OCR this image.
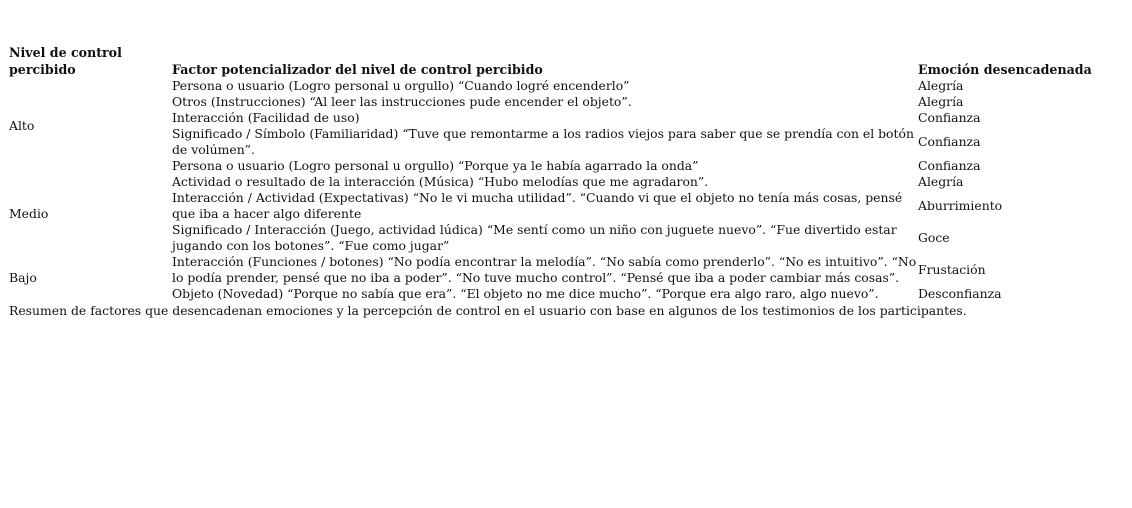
Nivel de control percibido	Factor potencializador del nivel de control percibido	Emoción desencadenada
Alto	Persona o usuario (Logro personal u orgullo) “Cuando logré encenderlo”	Alegría
	Otros (Instrucciones) “Al leer las instrucciones pude encender el objeto”.	Alegría
	Interacción (Facilidad de uso)	Confianza
	Significado / Símbolo (Familiaridad) “Tuve que remontarme a los radios viejos para saber que se prendía con el botón de volúmen”.	Confianza
	Persona o usuario (Logro personal u orgullo) “Porque ya le había agarrado la onda”	Confianza
Medio	Actividad o resultado de la interacción (Música) “Hubo melodías que me agradaron”.	Alegría
	Interacción / Actividad (Expectativas) “No le vi mucha utilidad”. “Cuando vi que el objeto no tenía más cosas, pensé que iba a hacer algo diferente	Aburrimiento
	Significado / Interacción (Juego, actividad lúdica) “Me sentí como un niño con juguete nuevo”. “Fue divertido estar jugando con los botones”. “Fue como jugar”	Goce
Bajo	Interacción (Funciones / botones) “No podía encontrar la melodía”. “No sabía como prenderlo”. “No es intuitivo”. “No lo podía prender, pensé que no iba a poder”. “No tuve mucho control”. “Pensé que iba a poder cambiar más cosas”.	Frustación
	Objeto (Novedad) “Porque no sabía que era”. “El objeto no me dice mucho”. “Porque era algo raro, algo nuevo”.	Desconfianza
Resumen de factores que desencadenan emociones y la percepción de control en el usuario con base en algunos de los testimonios de los participantes.
